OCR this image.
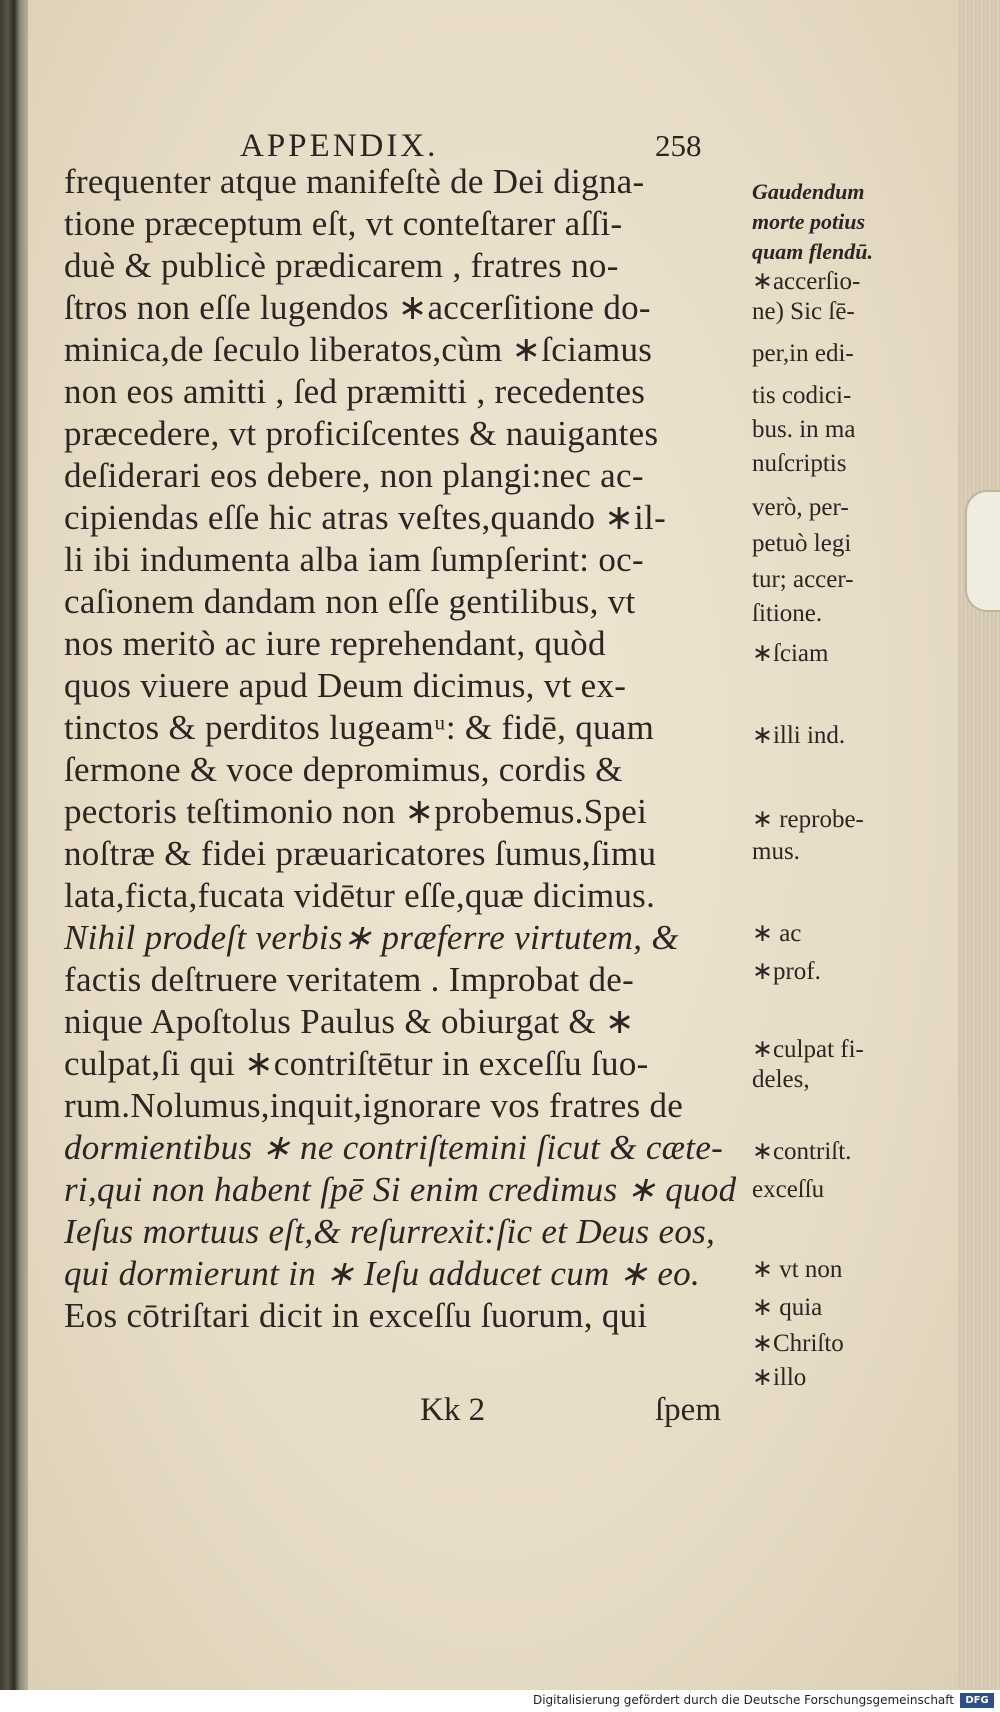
APPENDIX.	258
frequenter atque manifeſtè de Dei digna-
tione præceptum eſt, vt conteſtarer aſſi-
duè & publicè prædicarem , fratres no-
ſtros non eſſe lugendos ∗accerſitione do-
minica,de ſeculo liberatos,cùm ∗ſciamus
non eos amitti , ſed præmitti , recedentes
præcedere, vt proficiſcentes & nauigantes
deſiderari eos debere, non plangi:nec ac-
cipiendas eſſe hic atras veſtes,quando ∗il-
li ibi indumenta alba iam ſumpſerint: oc-
caſionem dandam non eſſe gentilibus, vt
nos meritò ac iure reprehendant, quòd
quos viuere apud Deum dicimus, vt ex-
tinctos & perditos lugeamᵘ: & fidē, quam
ſermone & voce depromimus, cordis &
pectoris teſtimonio non ∗probemus.Spei
noſtræ & fidei præuaricatores ſumus,ſimu
lata,ficta,fucata vidētur eſſe,quæ dicimus.
Nihil prodeſt verbis∗ præferre virtutem, &
factis deſtruere veritatem . Improbat de-
nique Apoſtolus Paulus & obiurgat & ∗
culpat,ſi qui ∗contriſtētur in exceſſu ſuo-
rum.Nolumus,inquit,ignorare vos fratres de
dormientibus ∗ ne contriſtemini ſicut & cæte-
ri,qui non habent ſpē Si enim credimus ∗ quod
Ieſus mortuus eſt,& reſurrexit:ſic et Deus eos,
qui dormierunt in ∗ Ieſu adducet cum ∗ eo.
Eos cōtriſtari dicit in exceſſu ſuorum, qui
Gaudendum
morte potius
quam flendū.
∗accerſio-
ne) Sic ſē-
per,in edi-
tis codici-
bus. in ma
nuſcriptis
verò, per-
petuò legi
tur; accer-
ſitione.
∗ſciam
∗illi ind.
∗ reprobe-
mus.
∗ ac
∗prof.
∗culpat fi-
deles,
∗contriſt.
exceſſu
∗ vt non
∗ quia
∗Chriſto
∗illo
Kk 2	ſpem
Digitalisierung gefördert durch die Deutsche Forschungsgemeinschaft	DFG
